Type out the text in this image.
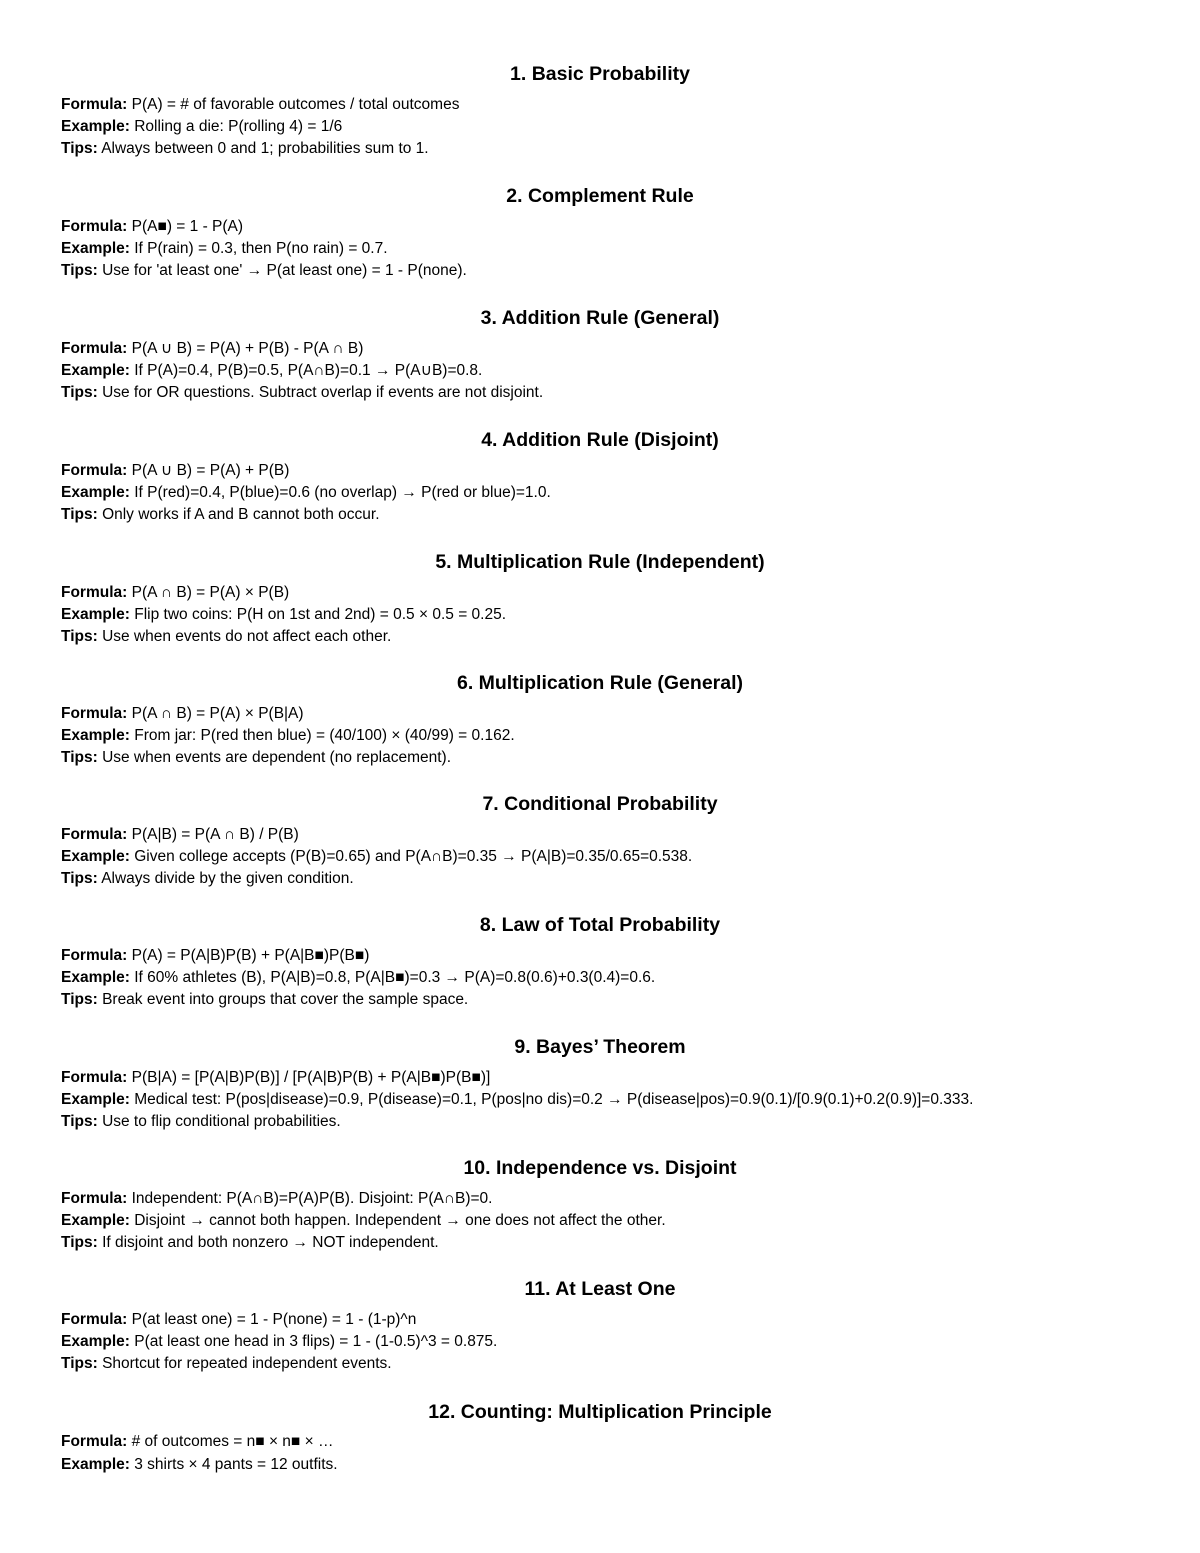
1. Basic Probability
Formula: P(A) = # of favorable outcomes / total outcomes
Example: Rolling a die: P(rolling 4) = 1/6
Tips: Always between 0 and 1; probabilities sum to 1.
2. Complement Rule
Formula: P(A■) = 1 - P(A)
Example: If P(rain) = 0.3, then P(no rain) = 0.7.
Tips: Use for 'at least one' → P(at least one) = 1 - P(none).
3. Addition Rule (General)
Formula: P(A ∪ B) = P(A) + P(B) - P(A ∩ B)
Example: If P(A)=0.4, P(B)=0.5, P(A∩B)=0.1 → P(A∪B)=0.8.
Tips: Use for OR questions. Subtract overlap if events are not disjoint.
4. Addition Rule (Disjoint)
Formula: P(A ∪ B) = P(A) + P(B)
Example: If P(red)=0.4, P(blue)=0.6 (no overlap) → P(red or blue)=1.0.
Tips: Only works if A and B cannot both occur.
5. Multiplication Rule (Independent)
Formula: P(A ∩ B) = P(A) × P(B)
Example: Flip two coins: P(H on 1st and 2nd) = 0.5 × 0.5 = 0.25.
Tips: Use when events do not affect each other.
6. Multiplication Rule (General)
Formula: P(A ∩ B) = P(A) × P(B|A)
Example: From jar: P(red then blue) = (40/100) × (40/99) = 0.162.
Tips: Use when events are dependent (no replacement).
7. Conditional Probability
Formula: P(A|B) = P(A ∩ B) / P(B)
Example: Given college accepts (P(B)=0.65) and P(A∩B)=0.35 → P(A|B)=0.35/0.65=0.538.
Tips: Always divide by the given condition.
8. Law of Total Probability
Formula: P(A) = P(A|B)P(B) + P(A|B■)P(B■)
Example: If 60% athletes (B), P(A|B)=0.8, P(A|B■)=0.3 → P(A)=0.8(0.6)+0.3(0.4)=0.6.
Tips: Break event into groups that cover the sample space.
9. Bayes’ Theorem
Formula: P(B|A) = [P(A|B)P(B)] / [P(A|B)P(B) + P(A|B■)P(B■)]
Example: Medical test: P(pos|disease)=0.9, P(disease)=0.1, P(pos|no dis)=0.2 → P(disease|pos)=0.9(0.1)/[0.9(0.1)+0.2(0.9)]=0.333.
Tips: Use to flip conditional probabilities.
10. Independence vs. Disjoint
Formula: Independent: P(A∩B)=P(A)P(B). Disjoint: P(A∩B)=0.
Example: Disjoint → cannot both happen. Independent → one does not affect the other.
Tips: If disjoint and both nonzero → NOT independent.
11. At Least One
Formula: P(at least one) = 1 - P(none) = 1 - (1-p)^n
Example: P(at least one head in 3 flips) = 1 - (1-0.5)^3 = 0.875.
Tips: Shortcut for repeated independent events.
12. Counting: Multiplication Principle
Formula: # of outcomes = n■ × n■ × …
Example: 3 shirts × 4 pants = 12 outfits.
